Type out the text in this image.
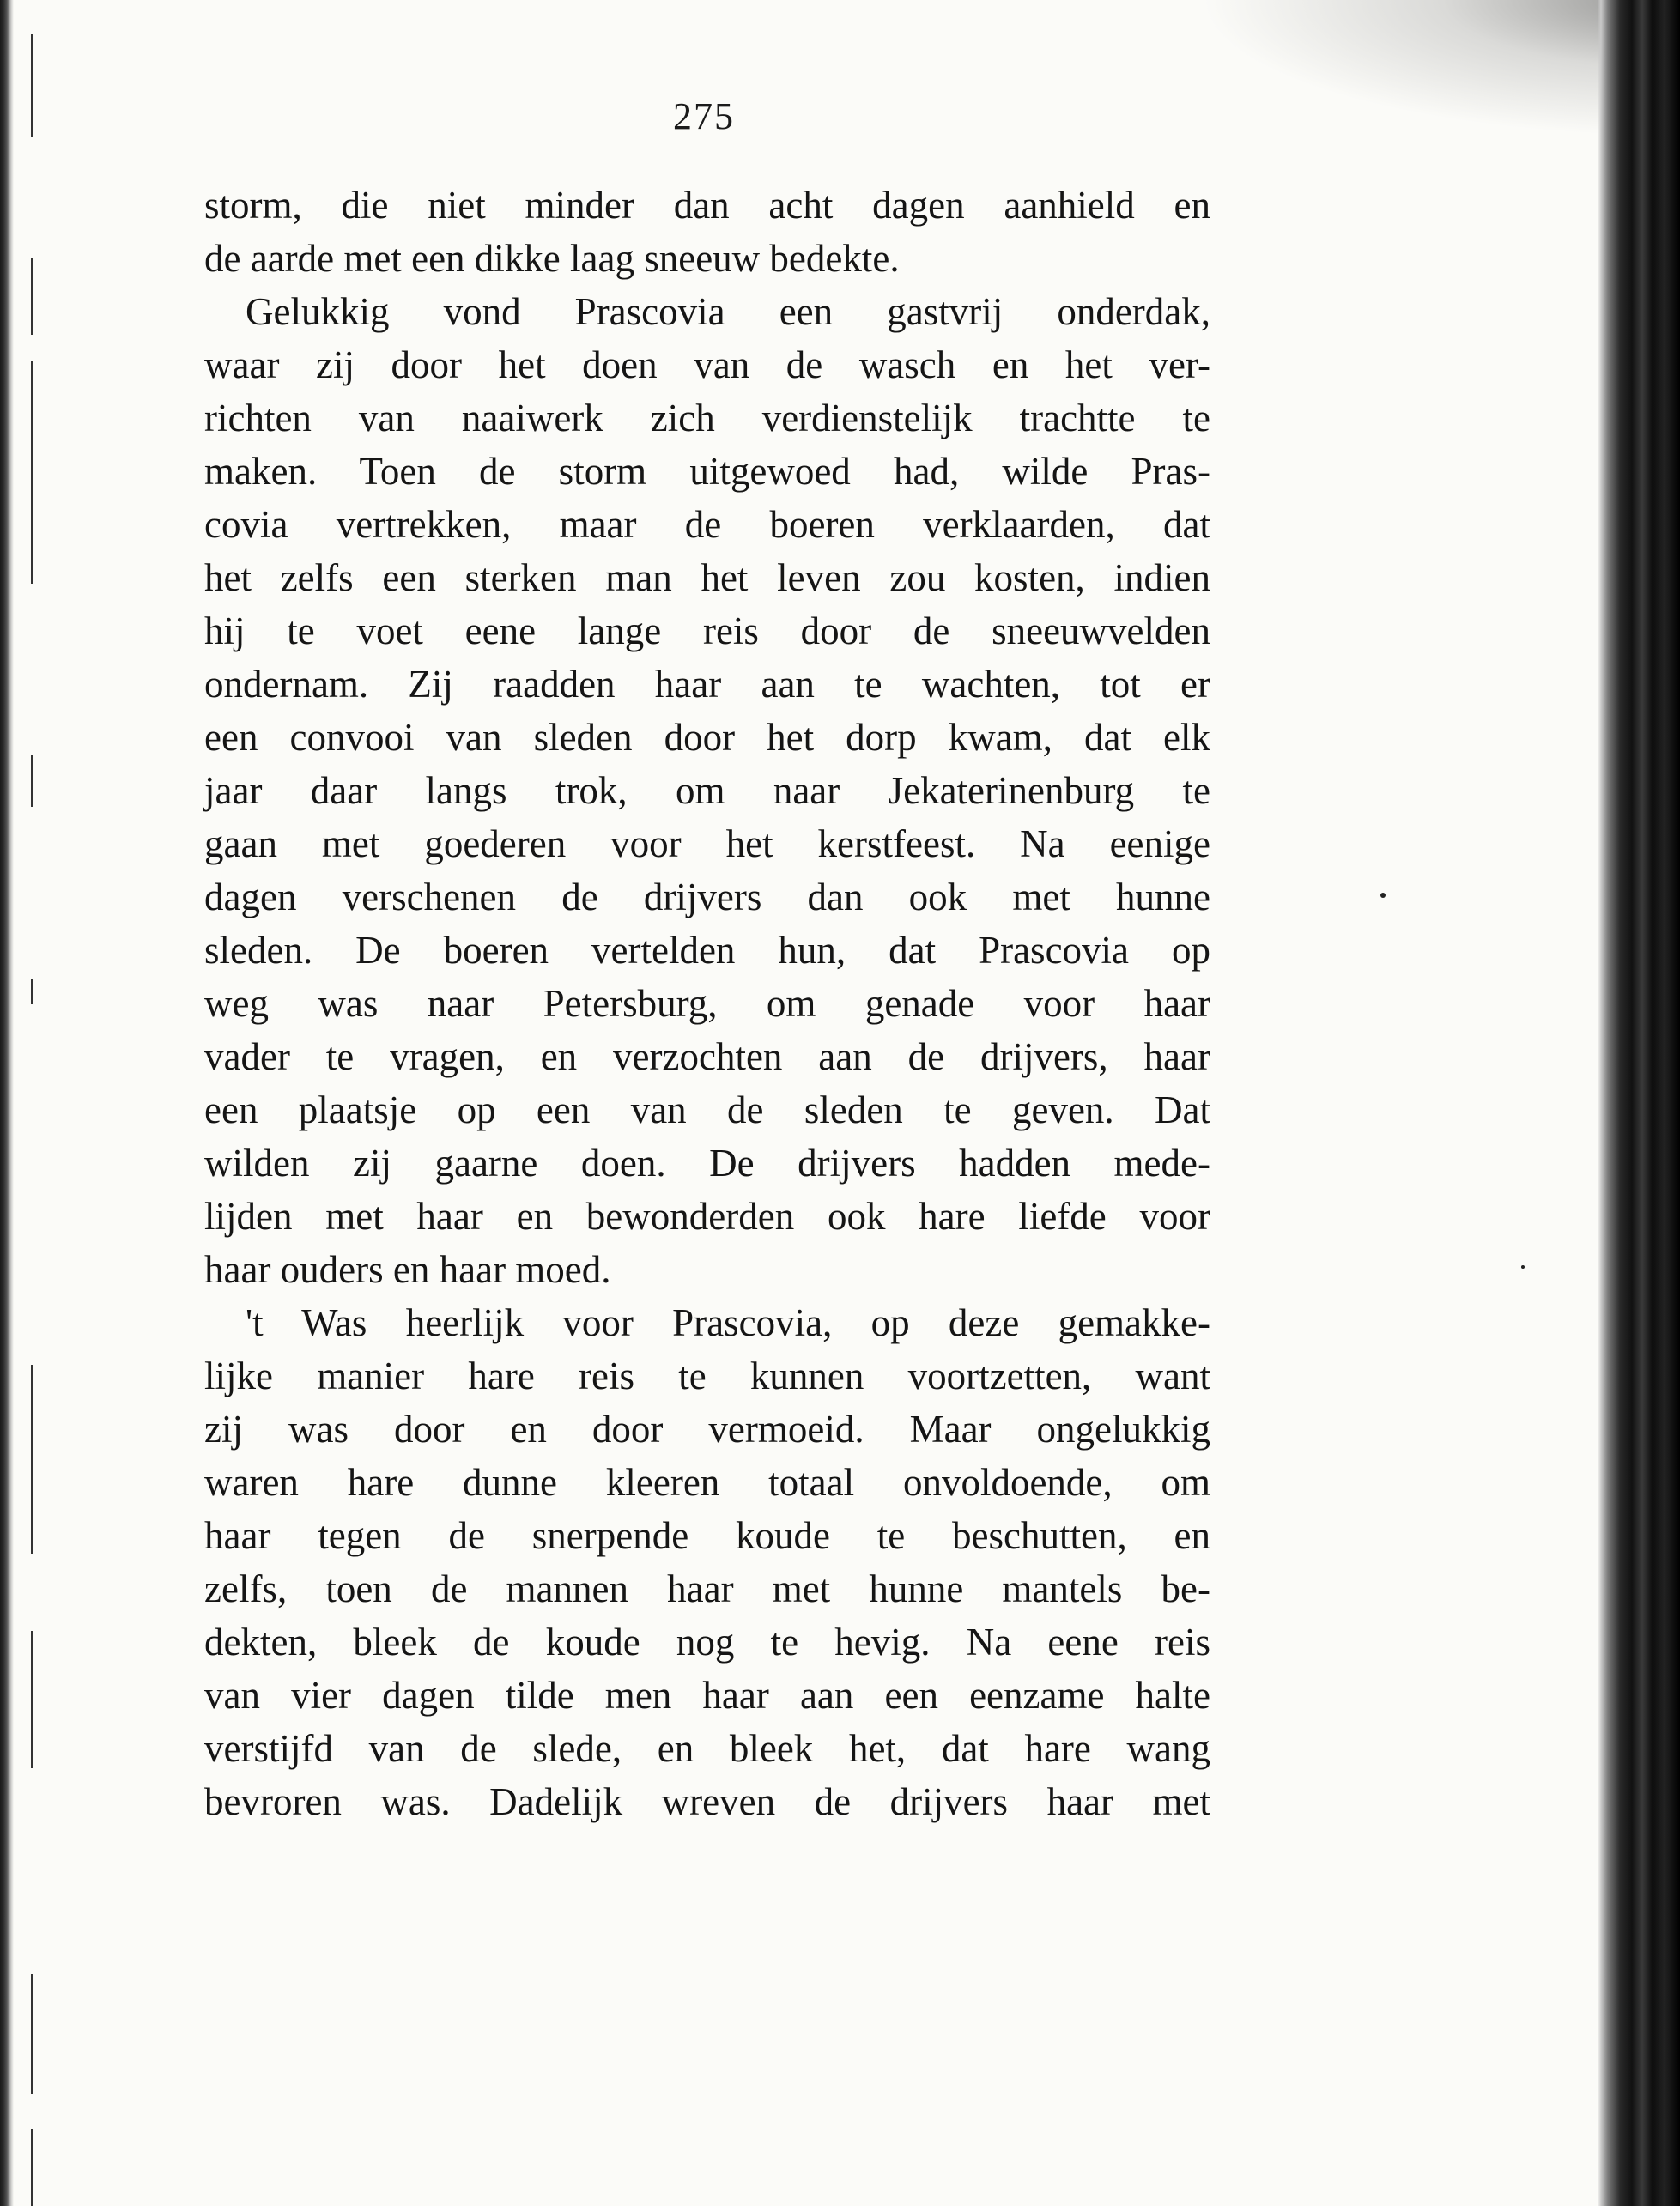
275
storm, die niet minder dan acht dagen aanhield en
de aarde met een dikke laag sneeuw bedekte.
Gelukkig vond Prascovia een gastvrij onderdak,
waar zij door het doen van de wasch en het ver-
richten van naaiwerk zich verdienstelijk trachtte te
maken. Toen de storm uitgewoed had, wilde Pras-
covia vertrekken, maar de boeren verklaarden, dat
het zelfs een sterken man het leven zou kosten, indien
hij te voet eene lange reis door de sneeuwvelden
ondernam. Zij raadden haar aan te wachten, tot er
een convooi van sleden door het dorp kwam, dat elk
jaar daar langs trok, om naar Jekaterinenburg te
gaan met goederen voor het kerstfeest. Na eenige
dagen verschenen de drijvers dan ook met hunne
sleden. De boeren vertelden hun, dat Prascovia op
weg was naar Petersburg, om genade voor haar
vader te vragen, en verzochten aan de drijvers, haar
een plaatsje op een van de sleden te geven. Dat
wilden zij gaarne doen. De drijvers hadden mede-
lijden met haar en bewonderden ook hare liefde voor
haar ouders en haar moed.
't Was heerlijk voor Prascovia, op deze gemakke-
lijke manier hare reis te kunnen voortzetten, want
zij was door en door vermoeid. Maar ongelukkig
waren hare dunne kleeren totaal onvoldoende, om
haar tegen de snerpende koude te beschutten, en
zelfs, toen de mannen haar met hunne mantels be-
dekten, bleek de koude nog te hevig. Na eene reis
van vier dagen tilde men haar aan een eenzame halte
verstijfd van de slede, en bleek het, dat hare wang
bevroren was. Dadelijk wreven de drijvers haar met
